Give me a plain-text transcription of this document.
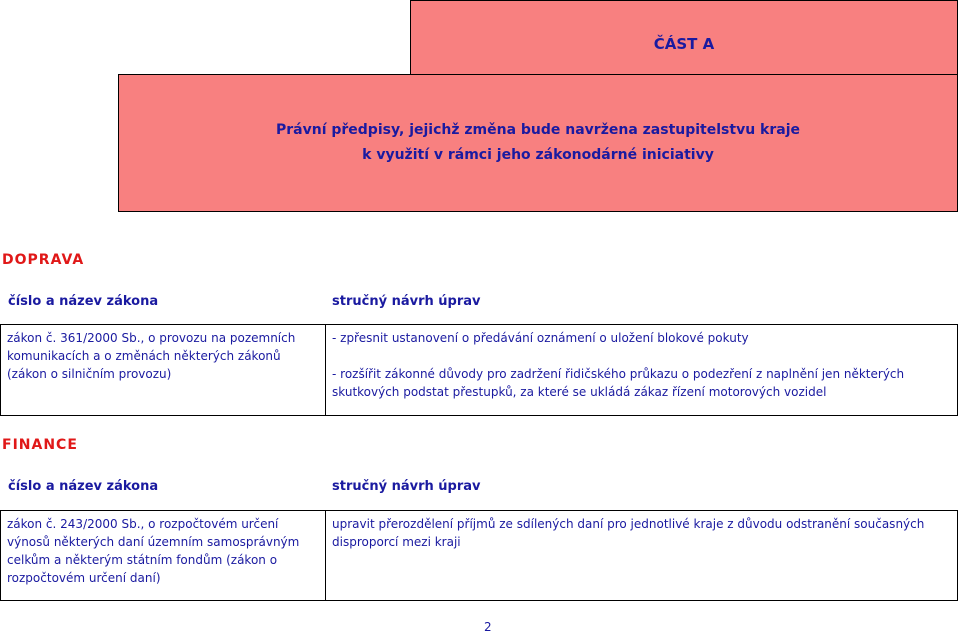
ČÁST A
Právní předpisy, jejichž změna bude navržena zastupitelstvu kraje
k využití v rámci jeho zákonodárné iniciativy
DOPRAVA
číslo a název zákona	stručný návrh úprav
zákon č. 361/2000 Sb., o provozu na pozemních komunikacích a o změnách některých zákonů (zákon o silničním provozu)

- zpřesnit ustanovení o předávání oznámení o uložení blokové pokuty

- rozšířit zákonné důvody pro zadržení řidičského průkazu o podezření z naplnění jen některých skutkových podstat přestupků, za které se ukládá zákaz řízení motorových vozidel

FINANCE
číslo a název zákona	stručný návrh úprav
zákon č. 243/2000 Sb., o rozpočtovém určení výnosů některých daní územním samosprávným celkům a některým státním fondům (zákon o rozpočtovém určení daní)

upravit přerozdělení příjmů ze sdílených daní pro jednotlivé kraje z důvodu odstranění současných disproporcí mezi kraji

2
